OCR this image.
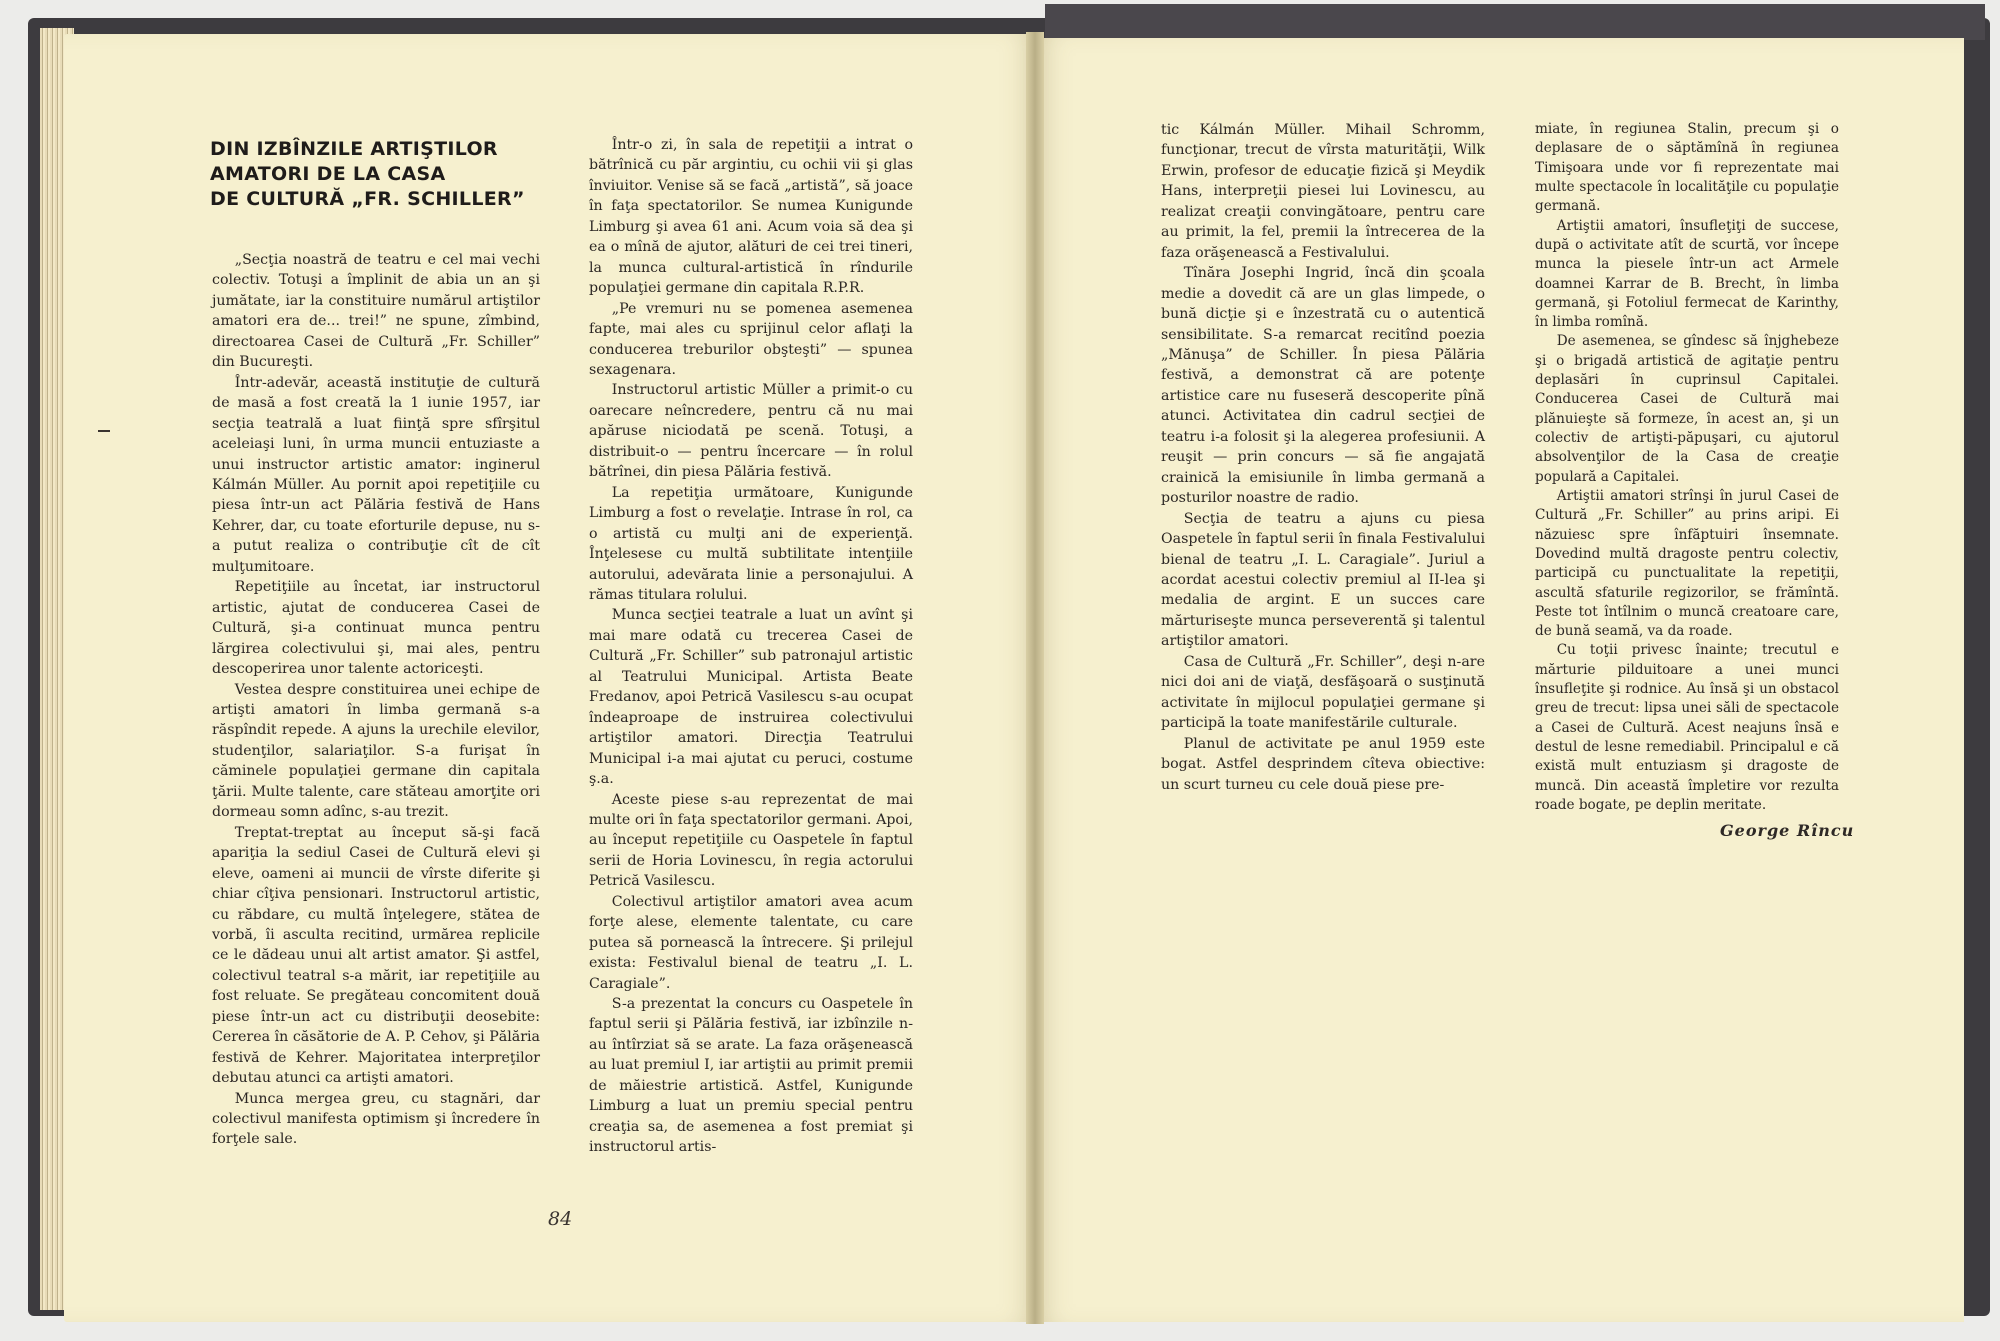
DIN IZBÎNZILE ARTIŞTILOR
AMATORI DE LA CASA
DE CULTURĂ „FR. SCHILLER”

„Secţia noastră de teatru e cel mai vechi colectiv. Totuşi a împlinit de abia un an şi jumătate, iar la constituire numărul artiştilor amatori era de... trei!” ne spune, zîmbind, directoarea Casei de Cultură „Fr. Schiller” din Bucureşti.

Într-adevăr, această instituţie de cultură de masă a fost creată la 1 iunie 1957, iar secţia teatrală a luat fiinţă spre sfîrşitul aceleiaşi luni, în urma muncii entuziaste a unui instructor artistic amator: inginerul Kálmán Müller. Au pornit apoi repetiţiile cu piesa într-un act Pălăria festivă de Hans Kehrer, dar, cu toate eforturile depuse, nu s-a putut realiza o contribuţie cît de cît mulţumitoare.

Repetiţiile au încetat, iar instructorul artistic, ajutat de conducerea Casei de Cultură, şi-a continuat munca pentru lărgirea colectivului şi, mai ales, pentru descoperirea unor talente actoriceşti.

Vestea despre constituirea unei echipe de artişti amatori în limba germană s-a răspîndit repede. A ajuns la urechile elevilor, studenţilor, salariaţilor. S-a furişat în căminele populaţiei germane din capitala ţării. Multe talente, care stăteau amorţite ori dormeau somn adînc, s-au trezit.

Treptat-treptat au început să-şi facă apariţia la sediul Casei de Cultură elevi şi eleve, oameni ai muncii de vîrste diferite şi chiar cîţiva pensionari. Instructorul artistic, cu răbdare, cu multă înţelegere, stătea de vorbă, îi asculta recitind, urmărea replicile ce le dădeau unui alt artist amator. Şi astfel, colectivul teatral s-a mărit, iar repetiţiile au fost reluate. Se pregăteau concomitent două piese într-un act cu distribuţii deosebite: Cererea în căsătorie de A. P. Cehov, şi Pălăria festivă de Kehrer. Majoritatea interpreţilor debutau atunci ca artişti amatori.

Munca mergea greu, cu stagnări, dar colectivul manifesta optimism şi încredere în forţele sale.

Într-o zi, în sala de repetiţii a intrat o bătrînică cu păr argintiu, cu ochii vii şi glas înviuitor. Venise să se facă „artistă”, să joace în faţa spectatorilor. Se numea Kunigunde Limburg şi avea 61 ani. Acum voia să dea şi ea o mînă de ajutor, alături de cei trei tineri, la munca cultural-artistică în rîndurile populaţiei germane din capitala R.P.R.

„Pe vremuri nu se pomenea asemenea fapte, mai ales cu sprijinul celor aflaţi la conducerea treburilor obşteşti” — spunea sexagenara.

Instructorul artistic Müller a primit-o cu oarecare neîncredere, pentru că nu mai apăruse niciodată pe scenă. Totuşi, a distribuit-o — pentru încercare — în rolul bătrînei, din piesa Pălăria festivă.

La repetiţia următoare, Kunigunde Limburg a fost o revelaţie. Intrase în rol, ca o artistă cu mulţi ani de experienţă. Înţelesese cu multă subtilitate intenţiile autorului, adevărata linie a personajului. A rămas titulara rolului.

Munca secţiei teatrale a luat un avînt şi mai mare odată cu trecerea Casei de Cultură „Fr. Schiller” sub patronajul artistic al Teatrului Municipal. Artista Beate Fredanov, apoi Petrică Vasilescu s-au ocupat îndeaproape de instruirea colectivului artiştilor amatori. Direcţia Teatrului Municipal i-a mai ajutat cu peruci, costume ş.a.

Aceste piese s-au reprezentat de mai multe ori în faţa spectatorilor germani. Apoi, au început repetiţiile cu Oaspetele în faptul serii de Horia Lovinescu, în regia actorului Petrică Vasilescu.

Colectivul artiştilor amatori avea acum forţe alese, elemente talentate, cu care putea să pornească la întrecere. Şi prilejul exista: Festivalul bienal de teatru „I. L. Caragiale”.

S-a prezentat la concurs cu Oaspetele în faptul serii şi Pălăria festivă, iar izbînzile n-au întîrziat să se arate. La faza orăşenească au luat premiul I, iar artiştii au primit premii de măiestrie artistică. Astfel, Kunigunde Limburg a luat un premiu special pentru creaţia sa, de asemenea a fost premiat şi instructorul artis-

84

tic Kálmán Müller. Mihail Schromm, funcţionar, trecut de vîrsta maturităţii, Wilk Erwin, profesor de educaţie fizică şi Meydik Hans, interpreţii piesei lui Lovinescu, au realizat creaţii convingătoare, pentru care au primit, la fel, premii la întrecerea de la faza orăşenească a Festivalului.

Tînăra Josephi Ingrid, încă din şcoala medie a dovedit că are un glas limpede, o bună dicţie şi e înzestrată cu o autentică sensibilitate. S-a remarcat recitînd poezia „Mănuşa” de Schiller. În piesa Pălăria festivă, a demonstrat că are potenţe artistice care nu fuseseră descoperite pînă atunci. Activitatea din cadrul secţiei de teatru i-a folosit şi la alegerea profesiunii. A reuşit — prin concurs — să fie angajată crainică la emisiunile în limba germană a posturilor noastre de radio.

Secţia de teatru a ajuns cu piesa Oaspetele în faptul serii în finala Festivalului bienal de teatru „I. L. Caragiale”. Juriul a acordat acestui colectiv premiul al II-lea şi medalia de argint. E un succes care mărturiseşte munca perseverentă şi talentul artiştilor amatori.

Casa de Cultură „Fr. Schiller”, deşi n-are nici doi ani de viaţă, desfăşoară o susţinută activitate în mijlocul populaţiei germane şi participă la toate manifestările culturale.

Planul de activitate pe anul 1959 este bogat. Astfel desprindem cîteva obiective: un scurt turneu cu cele două piese pre-

miate, în regiunea Stalin, precum şi o deplasare de o săptămînă în regiunea Timişoara unde vor fi reprezentate mai multe spectacole în localităţile cu populaţie germană.

Artiştii amatori, însufleţiţi de succese, după o activitate atît de scurtă, vor începe munca la piesele într-un act Armele doamnei Karrar de B. Brecht, în limba germană, şi Fotoliul fermecat de Karinthy, în limba romînă.

De asemenea, se gîndesc să înjghebeze şi o brigadă artistică de agitaţie pentru deplasări în cuprinsul Capitalei. Conducerea Casei de Cultură mai plănuieşte să formeze, în acest an, şi un colectiv de artişti-păpuşari, cu ajutorul absolvenţilor de la Casa de creaţie populară a Capitalei.

Artiştii amatori strînşi în jurul Casei de Cultură „Fr. Schiller” au prins aripi. Ei năzuiesc spre înfăptuiri însemnate. Dovedind multă dragoste pentru colectiv, participă cu punctualitate la repetiţii, ascultă sfaturile regizorilor, se frămîntă. Peste tot întîlnim o muncă creatoare care, de bună seamă, va da roade.

Cu toţii privesc înainte; trecutul e mărturie pilduitoare a unei munci însufleţite şi rodnice. Au însă şi un obstacol greu de trecut: lipsa unei săli de spectacole a Casei de Cultură. Acest neajuns însă e destul de lesne remediabil. Principalul e că există mult entuziasm şi dragoste de muncă. Din această împletire vor rezulta roade bogate, pe deplin meritate.

George Rîncu
